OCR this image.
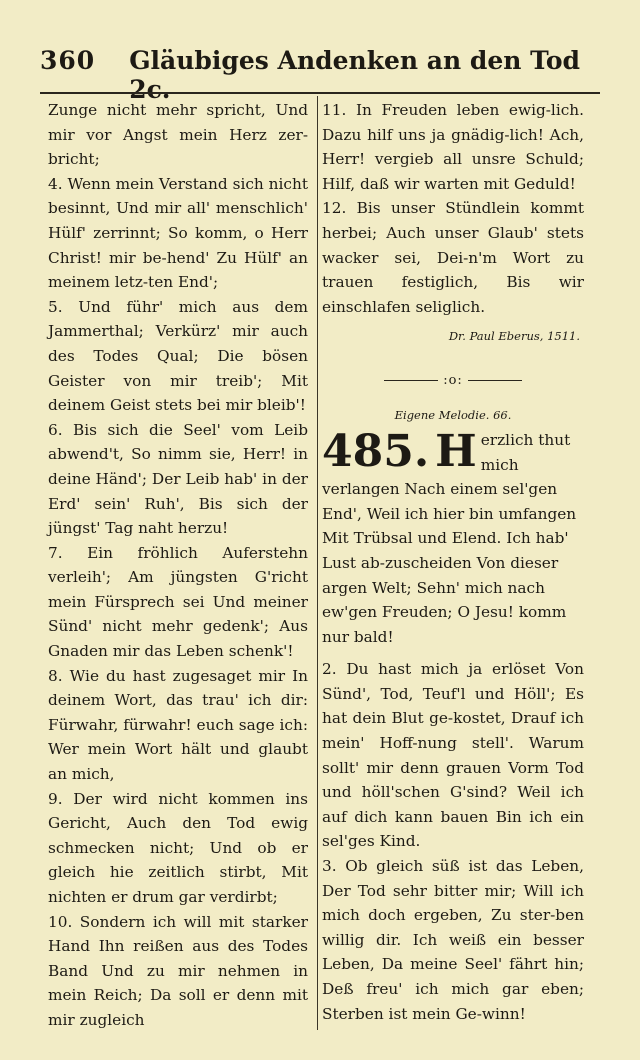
360 Gläubiges Andenken an den Tod 2c.

Zunge nicht mehr spricht, Und mir vor Angst mein Herz zer-bricht;

4. Wenn mein Verstand sich nicht besinnt, Und mir all' menschlich' Hülf' zerrinnt; So komm, o Herr Christ! mir be-hend' Zu Hülf' an meinem letz-ten End';

5. Und führ' mich aus dem Jammerthal; Verkürz' mir auch des Todes Qual; Die bösen Geister von mir treib'; Mit deinem Geist stets bei mir bleib'!

6. Bis sich die Seel' vom Leib abwend't, So nimm sie, Herr! in deine Händ'; Der Leib hab' in der Erd' sein' Ruh', Bis sich der jüngst' Tag naht herzu!

7. Ein fröhlich Auferstehn verleih'; Am jüngsten G'richt mein Fürsprech sei Und meiner Sünd' nicht mehr gedenk'; Aus Gnaden mir das Leben schenk'!

8. Wie du hast zugesaget mir In deinem Wort, das trau' ich dir: Fürwahr, fürwahr! euch sage ich: Wer mein Wort hält und glaubt an mich,

9. Der wird nicht kommen ins Gericht, Auch den Tod ewig schmecken nicht; Und ob er gleich hie zeitlich stirbt, Mit nichten er drum gar verdirbt;

10. Sondern ich will mit starker Hand Ihn reißen aus des Todes Band Und zu mir nehmen in mein Reich; Da soll er denn mit mir zugleich

11. In Freuden leben ewig-lich. Dazu hilf uns ja gnädig-lich! Ach, Herr! vergieb all unsre Schuld; Hilf, daß wir warten mit Geduld!

12. Bis unser Stündlein kommt herbei; Auch unser Glaub' stets wacker sei, Dei-n'm Wort zu trauen festiglich, Bis wir einschlafen seliglich.

Dr. Paul Eberus, 1511.
:o:
Eigene Melodie. 66.
485. H erzlich thut mich verlangen Nach einem sel'gen End', Weil ich hier bin umfangen Mit Trübsal und Elend. Ich hab' Lust ab-zuscheiden Von dieser argen Welt; Sehn' mich nach ew'gen Freuden; O Jesu! komm nur bald!

2. Du hast mich ja erlöset Von Sünd', Tod, Teuf'l und Höll'; Es hat dein Blut ge-kostet, Drauf ich mein' Hoff-nung stell'. Warum sollt' mir denn grauen Vorm Tod und höll'schen G'sind? Weil ich auf dich kann bauen Bin ich ein sel'ges Kind.

3. Ob gleich süß ist das Leben, Der Tod sehr bitter mir; Will ich mich doch ergeben, Zu ster-ben willig dir. Ich weiß ein besser Leben, Da meine Seel' fährt hin; Deß freu' ich mich gar eben; Sterben ist mein Ge-winn!
